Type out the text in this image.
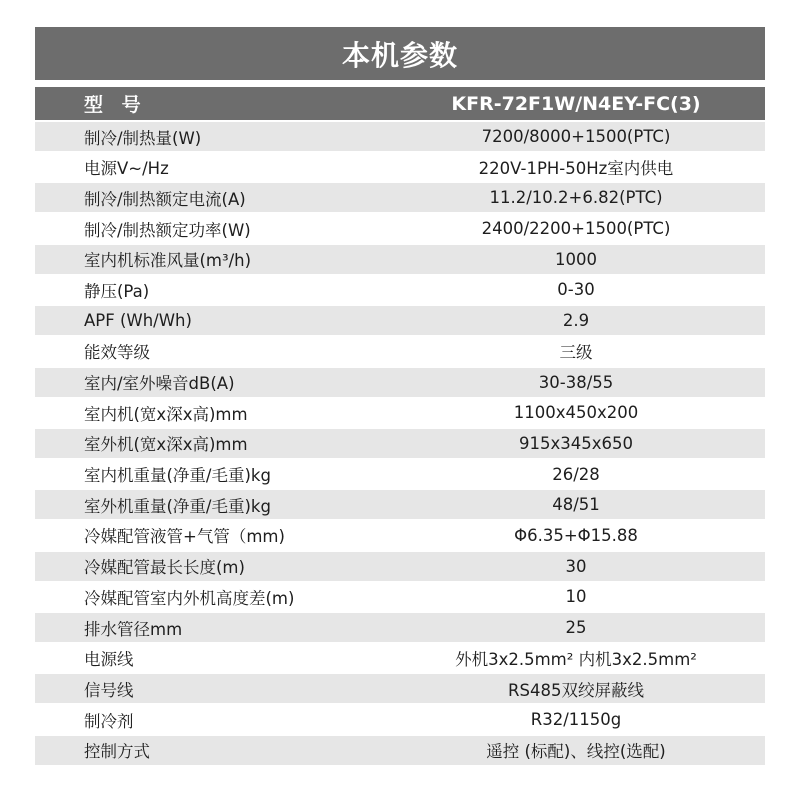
本机参数
型 号	KFR-72F1W/N4EY-FC(3)
制冷/制热量(W)	7200/8000+1500(PTC)
电源V~/Hz	220V-1PH-50Hz室内供电
制冷/制热额定电流(A)	11.2/10.2+6.82(PTC)
制冷/制热额定功率(W)	2400/2200+1500(PTC)
室内机标准风量(m³/h)	1000
静压(Pa)	0-30
APF (Wh/Wh)	2.9
能效等级	三级
室内/室外噪音dB(A)	30-38/55
室内机(宽x深x高)mm	1100x450x200
室外机(宽x深x高)mm	915x345x650
室内机重量(净重/毛重)kg	26/28
室外机重量(净重/毛重)kg	48/51
冷媒配管液管+气管（mm)	Φ6.35+Φ15.88
冷媒配管最长长度(m)	30
冷媒配管室内外机高度差(m)	10
排水管径mm	25
电源线	外机3x2.5mm² 内机3x2.5mm²
信号线	RS485双绞屏蔽线
制冷剂	R32/1150g
控制方式	遥控 (标配)、线控(选配)
